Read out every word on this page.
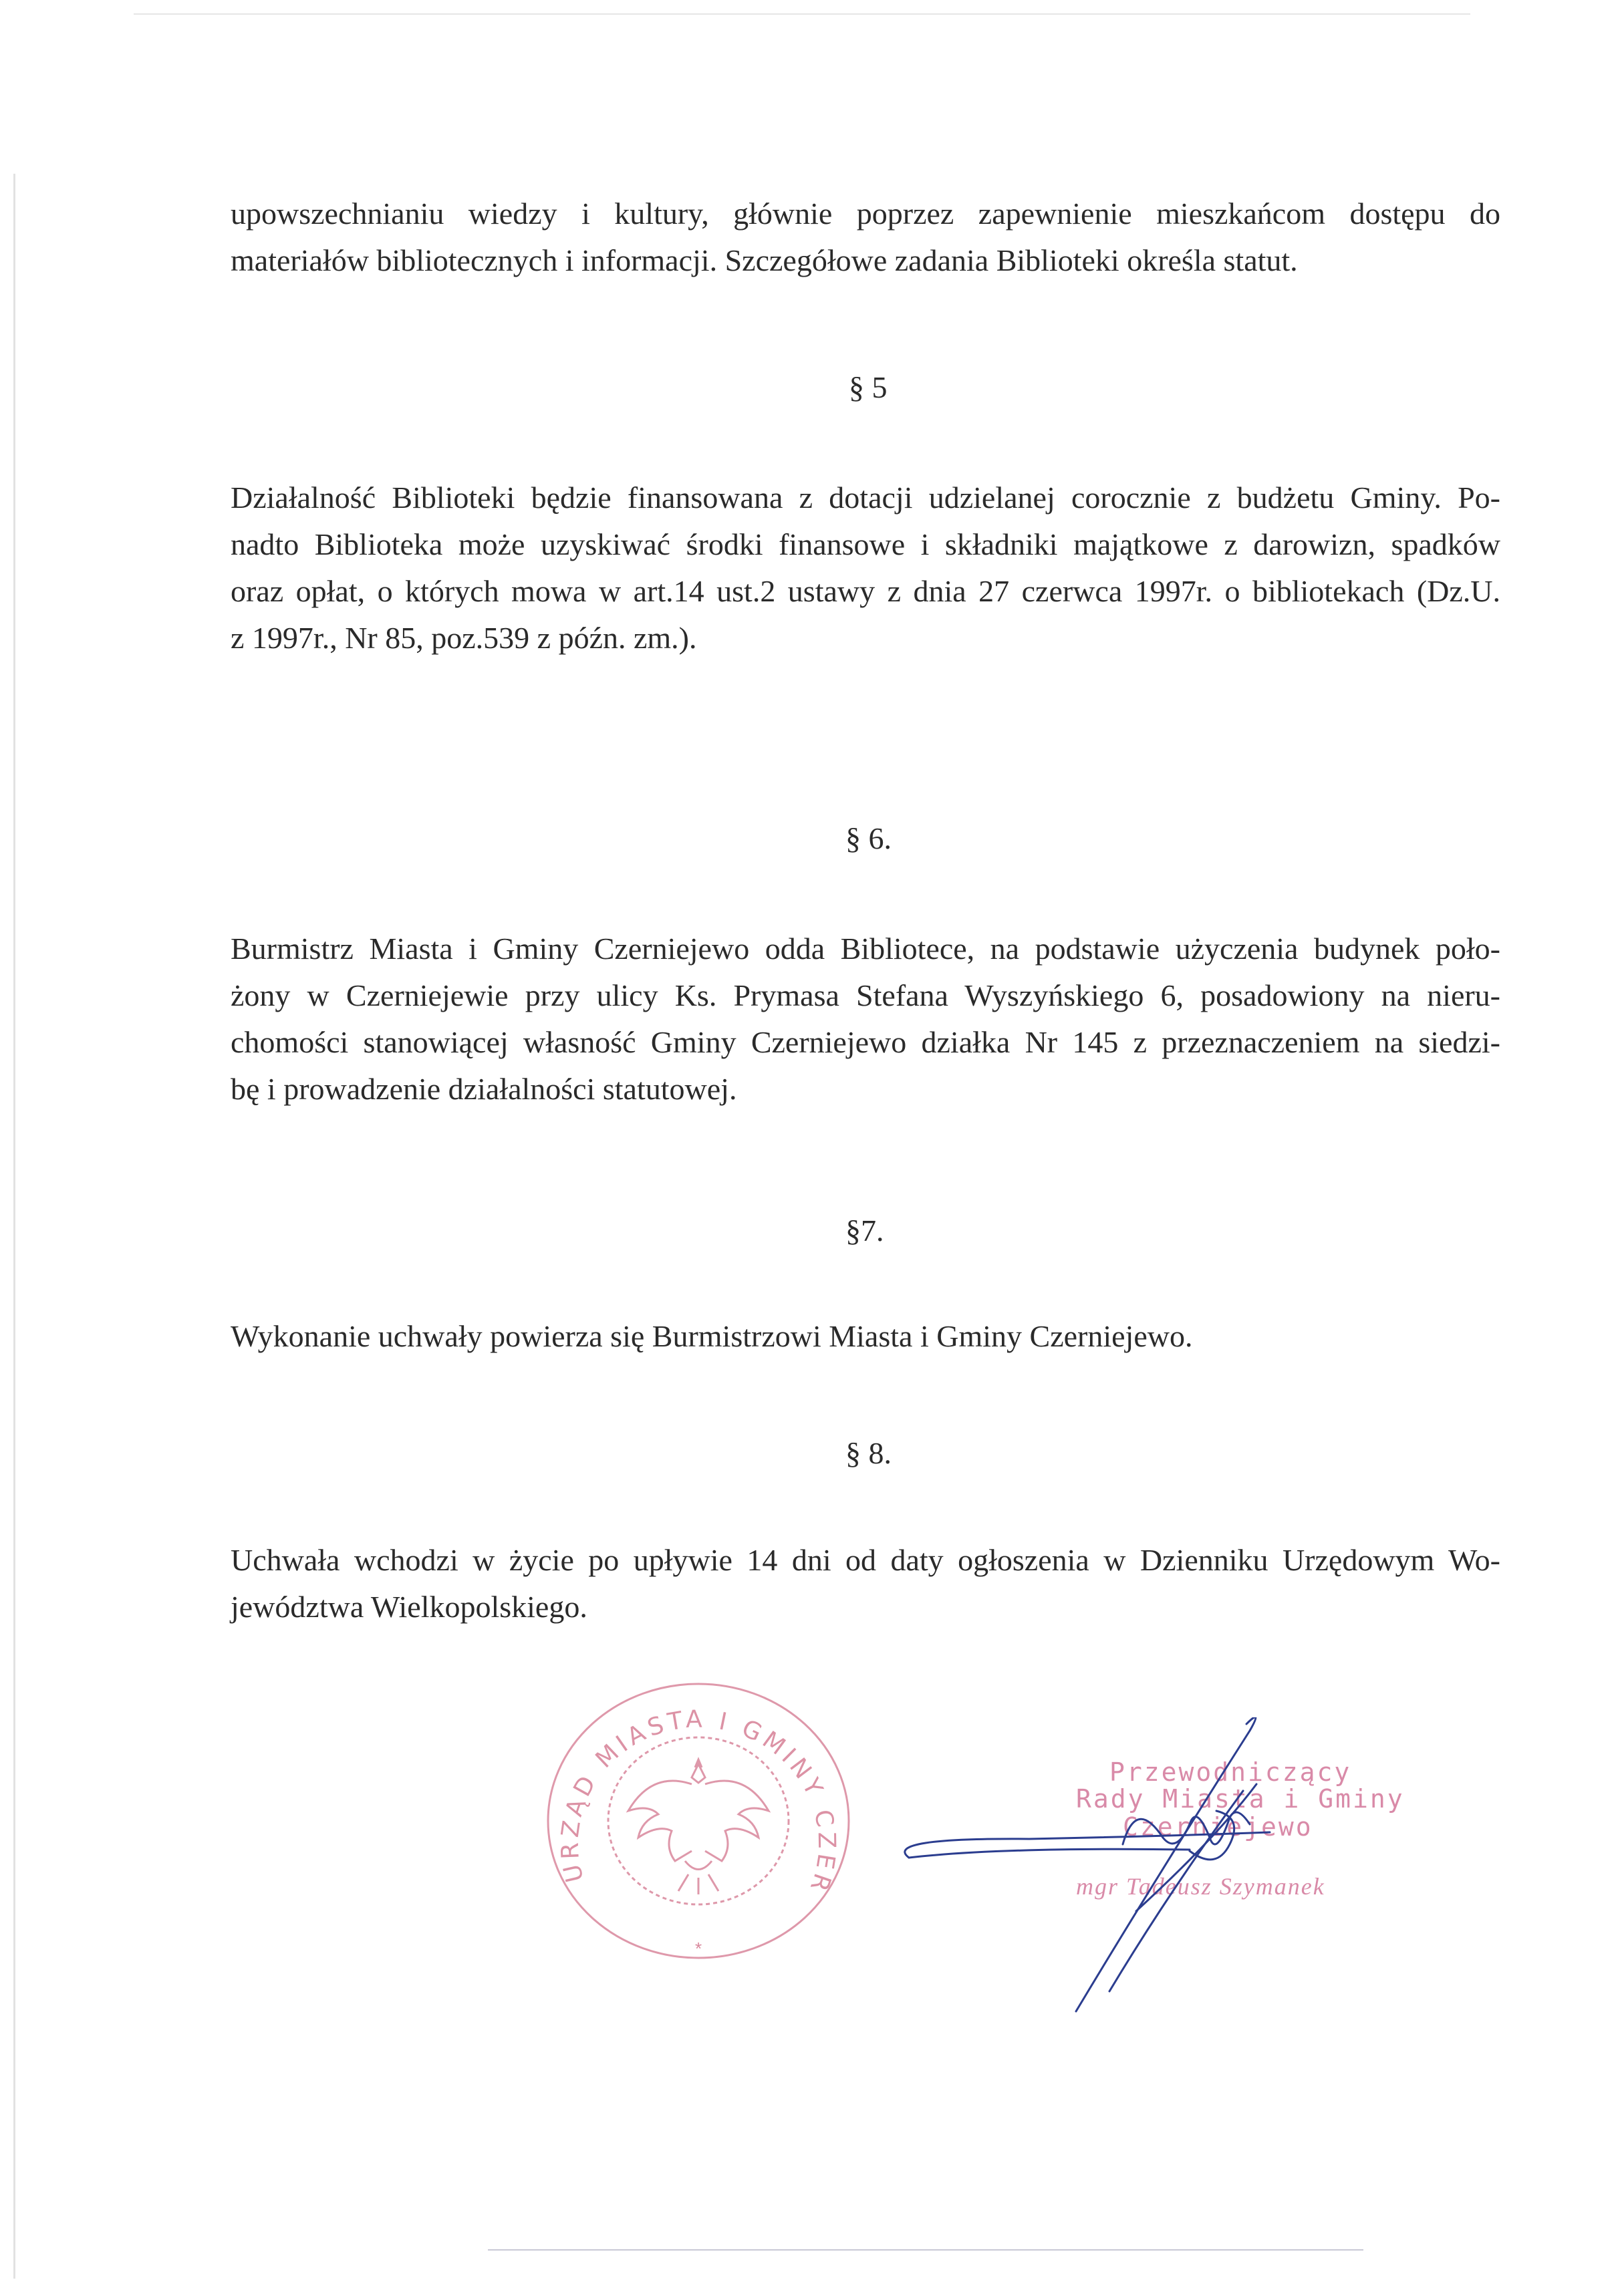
upowszechnianiu wiedzy i kultury, głównie poprzez zapewnienie mieszkańcom dostępu do
materiałów bibliotecznych i informacji. Szczegółowe zadania Biblioteki określa statut.
§ 5
Działalność Biblioteki będzie finansowana z dotacji udzielanej corocznie z budżetu Gminy. Po-
nadto Biblioteka może uzyskiwać środki finansowe i składniki majątkowe z darowizn, spadków
oraz opłat, o których mowa w art.14 ust.2 ustawy z dnia 27 czerwca 1997r. o bibliotekach (Dz.U.
z 1997r., Nr 85, poz.539 z późn. zm.).
§ 6.
Burmistrz Miasta i Gminy Czerniejewo odda Bibliotece, na podstawie użyczenia budynek poło-
żony w Czerniejewie przy ulicy Ks. Prymasa Stefana Wyszyńskiego 6, posadowiony na nieru-
chomości stanowiącej własność Gminy Czerniejewo działka Nr 145 z przeznaczeniem na siedzi-
bę i prowadzenie działalności statutowej.
§7.
Wykonanie uchwały powierza się Burmistrzowi Miasta i Gminy Czerniejewo.
§ 8.
Uchwała wchodzi w życie po upływie 14 dni od daty ogłoszenia w Dzienniku Urzędowym Wo-
jewództwa Wielkopolskiego.
*
URZĄD MIASTA I GMINY CZER
Przewodniczący
Rady Miasta i Gminy
Czerniejewo
mgr Tadeusz Szymanek
